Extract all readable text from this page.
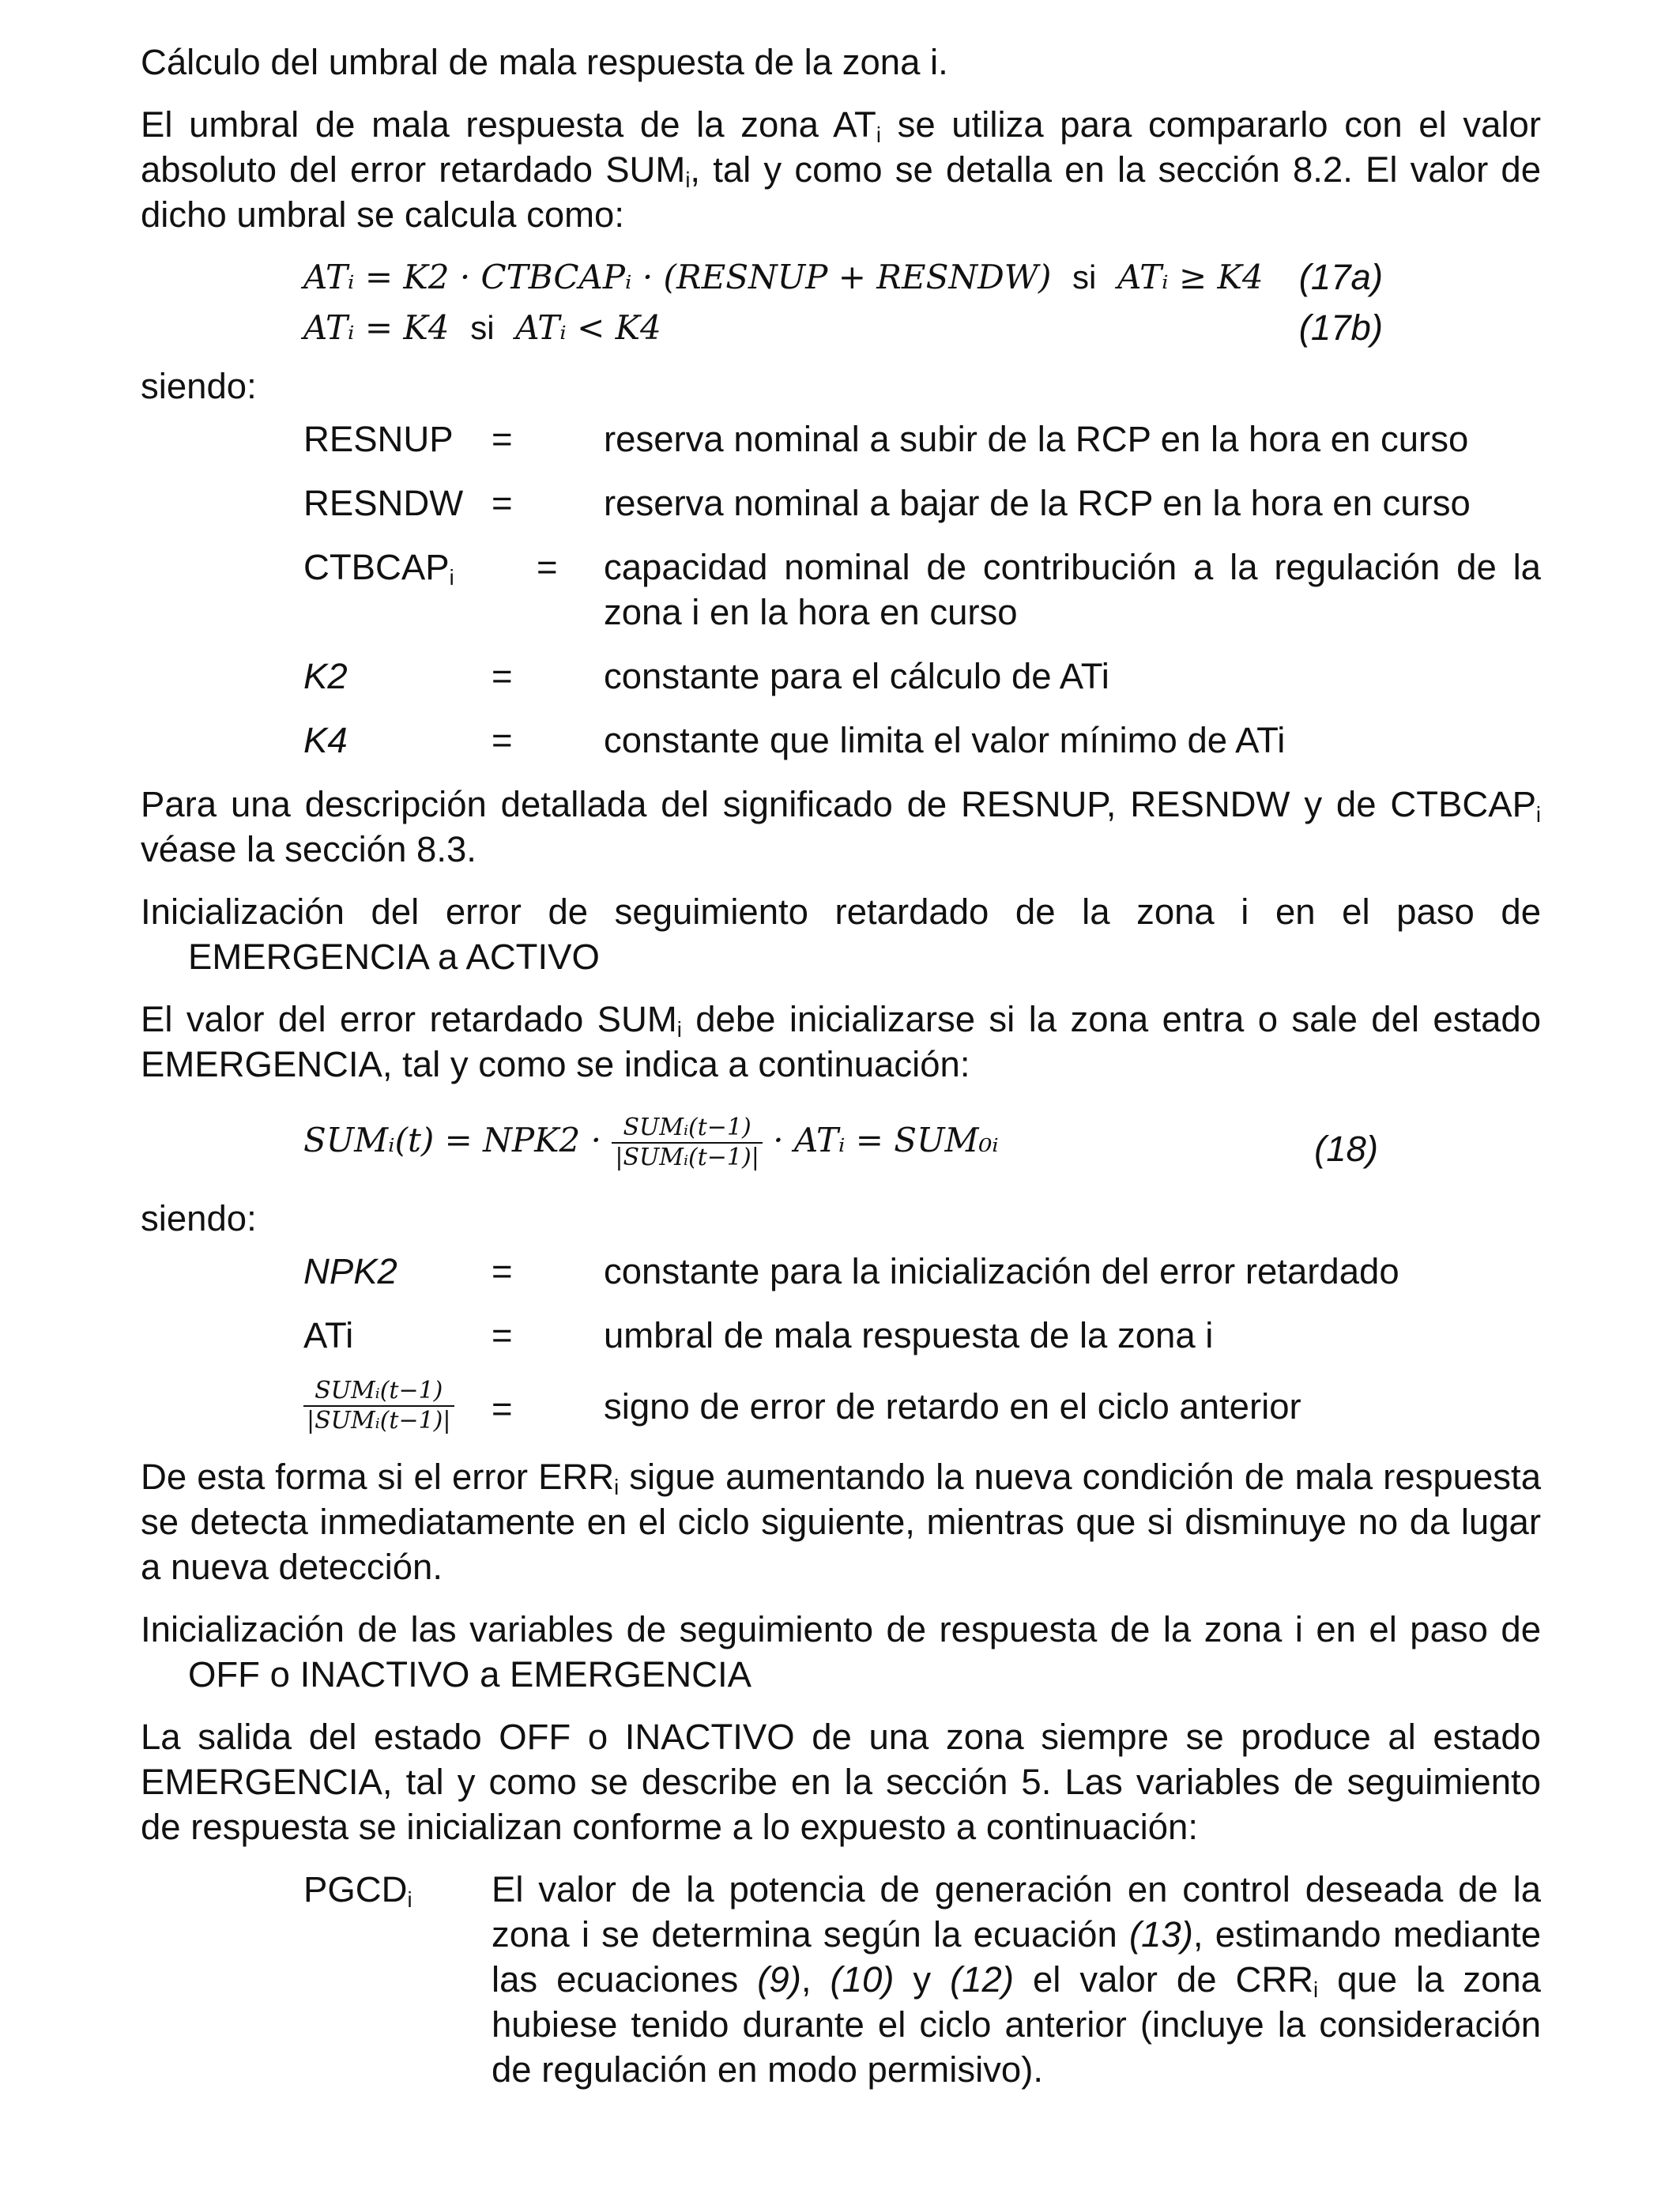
Cálculo del umbral de mala respuesta de la zona i.

El umbral de mala respuesta de la zona $AT_i$ se utiliza para compararlo con el valor absoluto del error retardado $SUM_i$, tal y como se detalla en la sección 8.2. El valor de dicho umbral se calcula como:

ATᵢ = K2 · CTBCAPᵢ · (RESNUP + RESNDW) si ATᵢ ≥ K4 (17a)
ATᵢ = K4 si ATᵢ < K4	(17b)

siendo:

RESNUP =	reserva nominal a subir de la RCP en la hora en curso
RESNDW =	reserva nominal a bajar de la RCP en la hora en curso
$CTBCAP_i$ = capacidad nominal de contribución a la regulación de la zona i en la hora en curso
K2	=	constante para el cálculo de ATi
K4	=	constante que limita el valor mínimo de ATi

Para una descripción detallada del significado de RESNUP, RESNDW y de $CTBCAP_i$ véase la sección 8.3.

Inicialización del error de seguimiento retardado de la zona i en el paso de EMERGENCIA a ACTIVO

El valor del error retardado $SUM_i$ debe inicializarse si la zona entra o sale del estado EMERGENCIA, tal y como se indica a continuación:

SUMᵢ(t) = $NPK2 \cdot \frac{\text{SUMᵢ(t−1)}}{\text{|SUMᵢ(t−1)|}}$ · ATᵢ = SUM₀ᵢ	(18)

siendo:

NPK2	=	constante para la inicialización del error retardado
ATi	=	umbral de mala respuesta de la zona i
$\frac{\text{SUMᵢ(t−1)}}{\text{|SUMᵢ(t−1)|}}$ =	signo de error de retardo en el ciclo anterior

De esta forma si el error $ERR_i$ sigue aumentando la nueva condición de mala respuesta se detecta inmediatamente en el ciclo siguiente, mientras que si disminuye no da lugar a nueva detección.

Inicialización de las variables de seguimiento de respuesta de la zona i en el paso de OFF o INACTIVO a EMERGENCIA

La salida del estado OFF o INACTIVO de una zona siempre se produce al estado EMERGENCIA, tal y como se describe en la sección 5. Las variables de seguimiento de respuesta se inicializan conforme a lo expuesto a continuación:

$PGCD_i$	El valor de la potencia de generación en control deseada de la zona i se determina según la ecuación (13), estimando mediante las ecuaciones (9), (10) y (12) el valor de $CRR_i$ que la zona hubiese tenido durante el ciclo anterior (incluye la consideración de regulación en modo permisivo).
